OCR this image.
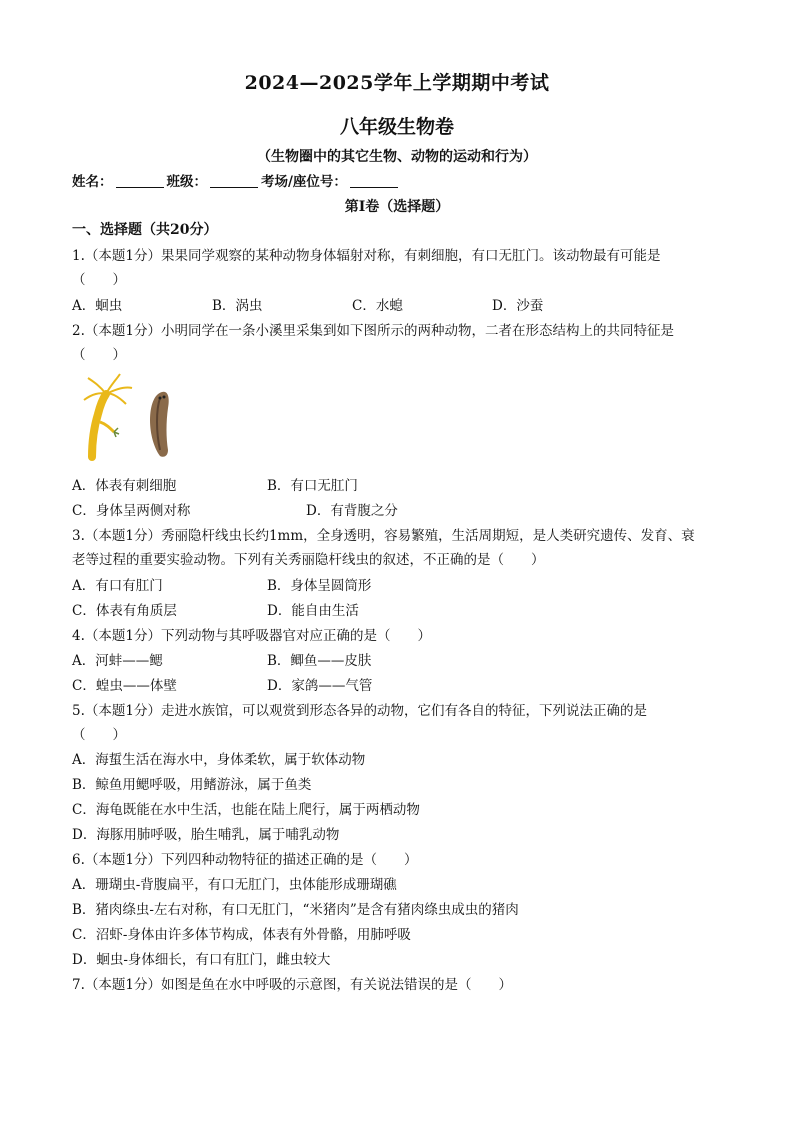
2024—2025学年上学期期中考试
八年级生物卷
（生物圈中的其它生物、动物的运动和行为）
姓名：	班级：	考场/座位号：
第Ⅰ卷（选择题）
一、选择题（共20分）
1.（本题1分）果果同学观察的某种动物身体辐射对称，有刺细胞，有口无肛门。该动物最有可能是
（　　）
A．蛔虫	B．涡虫	C．水螅	D．沙蚕
2.（本题1分）小明同学在一条小溪里采集到如下图所示的两种动物，二者在形态结构上的共同特征是
（　　）
A．体表有刺细胞	B．有口无肛门
C．身体呈两侧对称	D．有背腹之分
3.（本题1分）秀丽隐杆线虫长约1mm，全身透明，容易繁殖，生活周期短，是人类研究遗传、发育、衰
老等过程的重要实验动物。下列有关秀丽隐杆线虫的叙述，不正确的是（　　）
A．有口有肛门	B．身体呈圆筒形
C．体表有角质层	D．能自由生活
4.（本题1分）下列动物与其呼吸器官对应正确的是（　　）
A．河蚌——鳃	B．鲫鱼——皮肤
C．蝗虫——体壁	D．家鸽——气管
5.（本题1分）走进水族馆，可以观赏到形态各异的动物，它们有各自的特征，下列说法正确的是
（　　）
A．海蜇生活在海水中，身体柔软，属于软体动物
B．鲸鱼用鳃呼吸，用鳍游泳，属于鱼类
C．海龟既能在水中生活，也能在陆上爬行，属于两栖动物
D．海豚用肺呼吸，胎生哺乳，属于哺乳动物
6.（本题1分）下列四种动物特征的描述正确的是（　　）
A．珊瑚虫-背腹扁平，有口无肛门，虫体能形成珊瑚礁
B．猪肉绦虫-左右对称，有口无肛门，“米猪肉”是含有猪肉绦虫成虫的猪肉
C．沼虾-身体由许多体节构成，体表有外骨骼，用肺呼吸
D．蛔虫-身体细长，有口有肛门，雌虫较大
7.（本题1分）如图是鱼在水中呼吸的示意图，有关说法错误的是（　　）
